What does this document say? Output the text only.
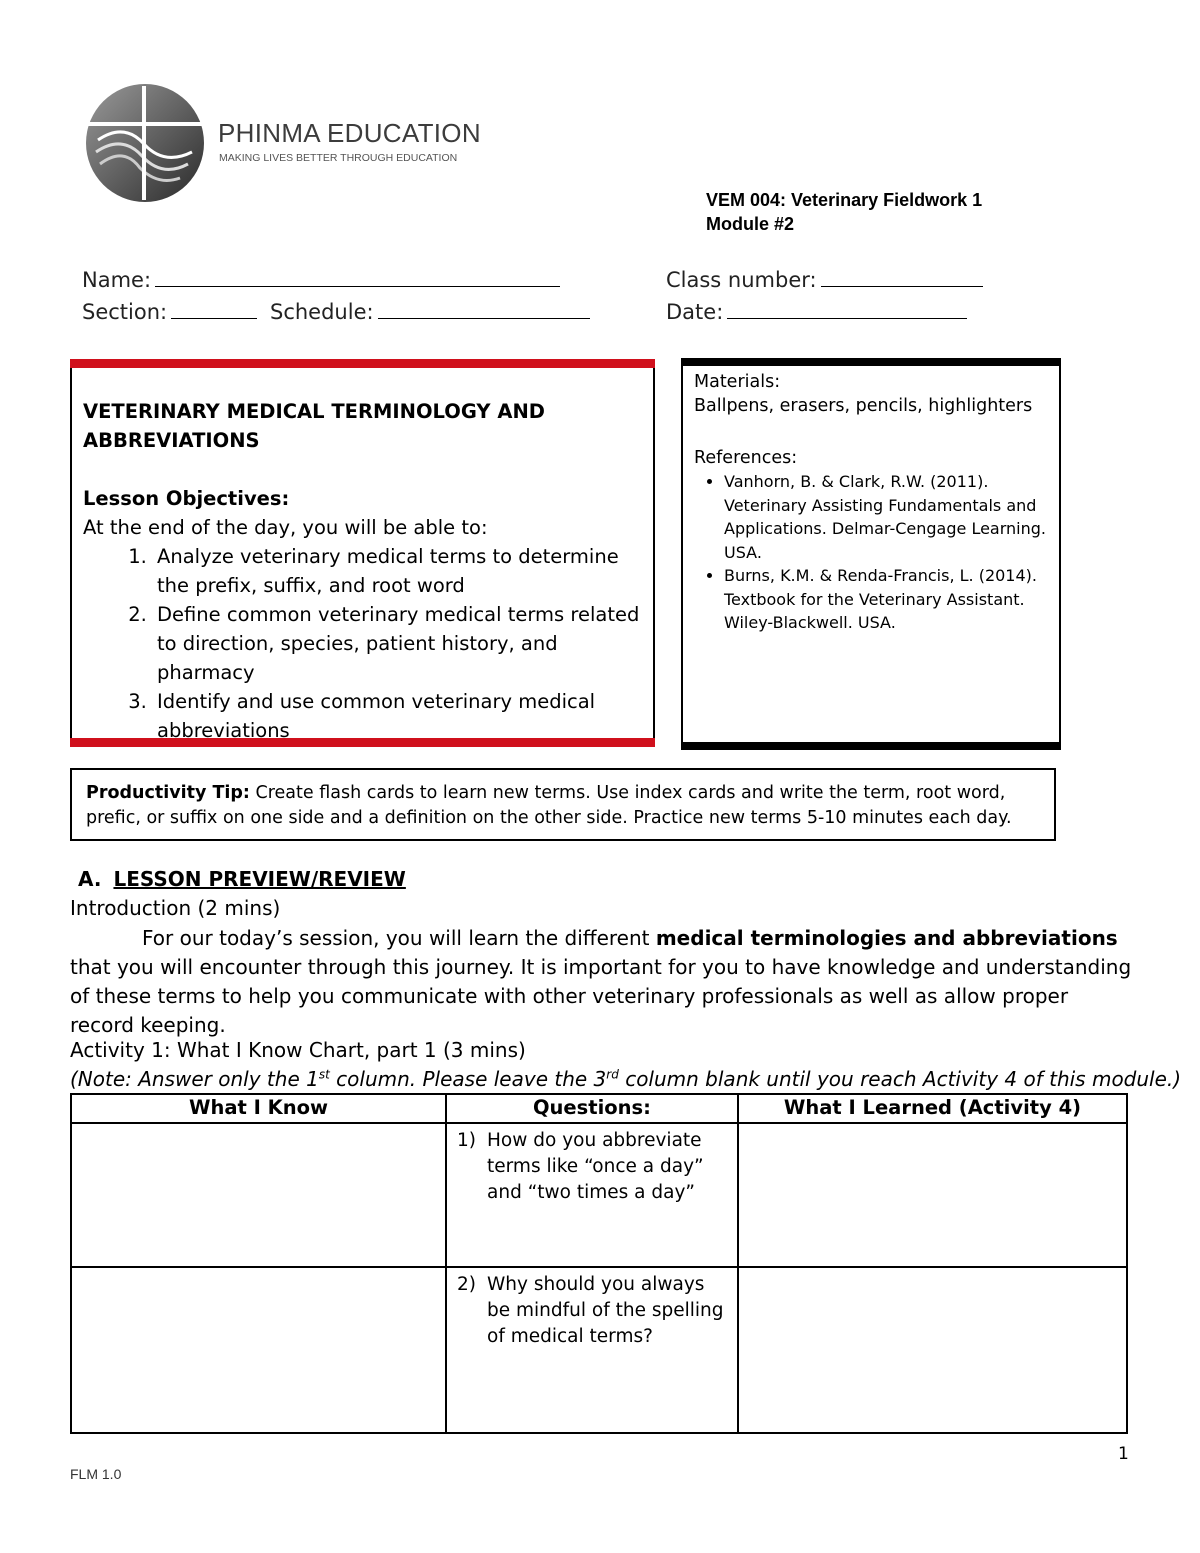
PHINMA EDUCATION
MAKING LIVES BETTER THROUGH EDUCATION
VEM 004: Veterinary Fieldwork 1
Module #2
Name:	Class number:
Section:	Schedule:	Date:
VETERINARY MEDICAL TERMINOLOGY AND
ABBREVIATIONS
Lesson Objectives:
At the end of the day, you will be able to:
1. Analyze veterinary medical terms to determine the prefix, suffix, and root word
2. Define common veterinary medical terms related to direction, species, patient history, and pharmacy
3. Identify and use common veterinary medical abbreviations
Materials:
Ballpens, erasers, pencils, highlighters
References:
• Vanhorn, B. & Clark, R.W. (2011). Veterinary Assisting Fundamentals and Applications. Delmar-Cengage Learning. USA.
• Burns, K.M. & Renda-Francis, L. (2014). Textbook for the Veterinary Assistant. Wiley-Blackwell. USA.
Productivity Tip: Create flash cards to learn new terms. Use index cards and write the term, root word, prefic, or suffix on one side and a definition on the other side. Practice new terms 5-10 minutes each day.
A. LESSON PREVIEW/REVIEW
Introduction (2 mins)
For our today’s session, you will learn the different medical terminologies and abbreviations that you will encounter through this journey. It is important for you to have knowledge and understanding of these terms to help you communicate with other veterinary professionals as well as allow proper record keeping.
Activity 1: What I Know Chart, part 1 (3 mins)
(Note: Answer only the 1st column. Please leave the 3rd column blank until you reach Activity 4 of this module.)
What I Know	Questions:	What I Learned (Activity 4)
	1) How do you abbreviate terms like “once a day” and “two times a day”	
	2) Why should you always be mindful of the spelling of medical terms?	
1
FLM 1.0
